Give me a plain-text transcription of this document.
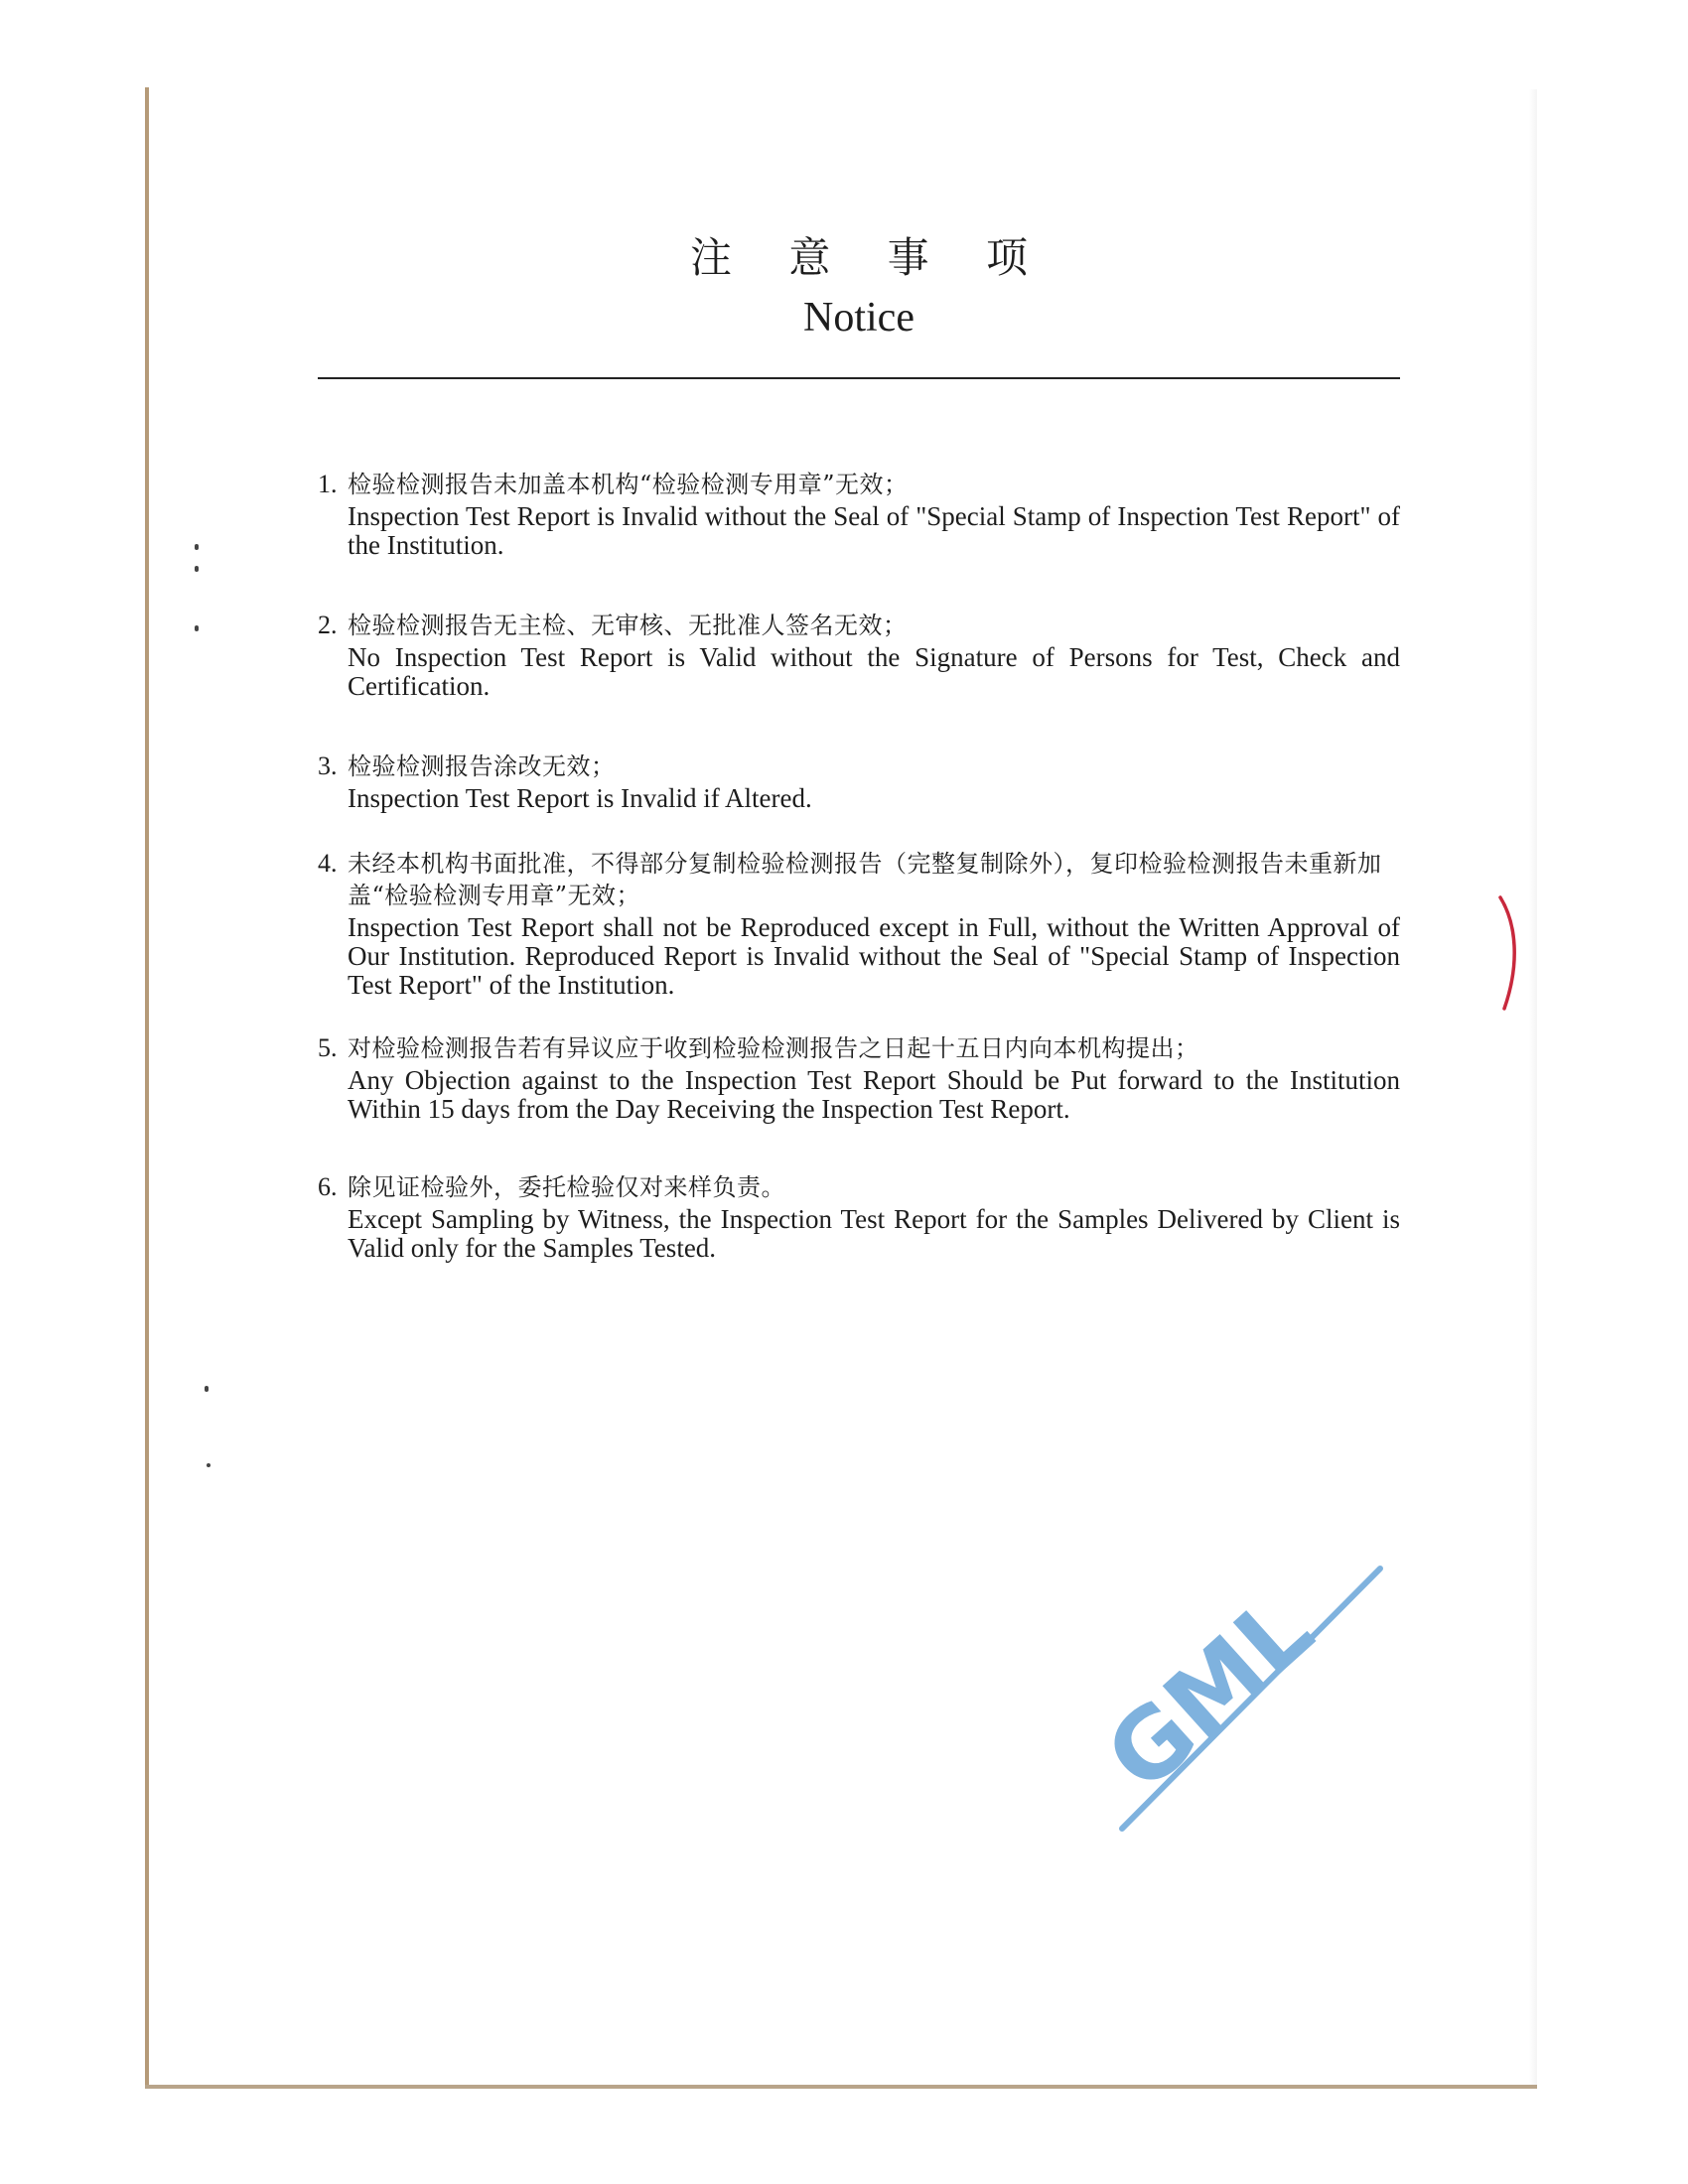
注 意 事 项
Notice
1. 检验检测报告未加盖本机构“检验检测专用章”无效；
Inspection Test Report is Invalid without the Seal of "Special Stamp of Inspection Test Report" of the Institution.
2. 检验检测报告无主检、无审核、无批准人签名无效；
No Inspection Test Report is Valid without the Signature of Persons for Test, Check and Certification.
3. 检验检测报告涂改无效；
Inspection Test Report is Invalid if Altered.
4. 未经本机构书面批准，不得部分复制检验检测报告（完整复制除外），复印检验检测报告未重新加盖“检验检测专用章”无效；
Inspection Test Report shall not be Reproduced except in Full, without the Written Approval of Our Institution. Reproduced Report is Invalid without the Seal of "Special Stamp of Inspection Test Report" of the Institution.
5. 对检验检测报告若有异议应于收到检验检测报告之日起十五日内向本机构提出；
Any Objection against to the Inspection Test Report Should be Put forward to the Institution Within 15 days from the Day Receiving the Inspection Test Report.
6. 除见证检验外，委托检验仅对来样负责。
Except Sampling by Witness, the Inspection Test Report for the Samples Delivered by Client is Valid only for the Samples Tested.
GML
